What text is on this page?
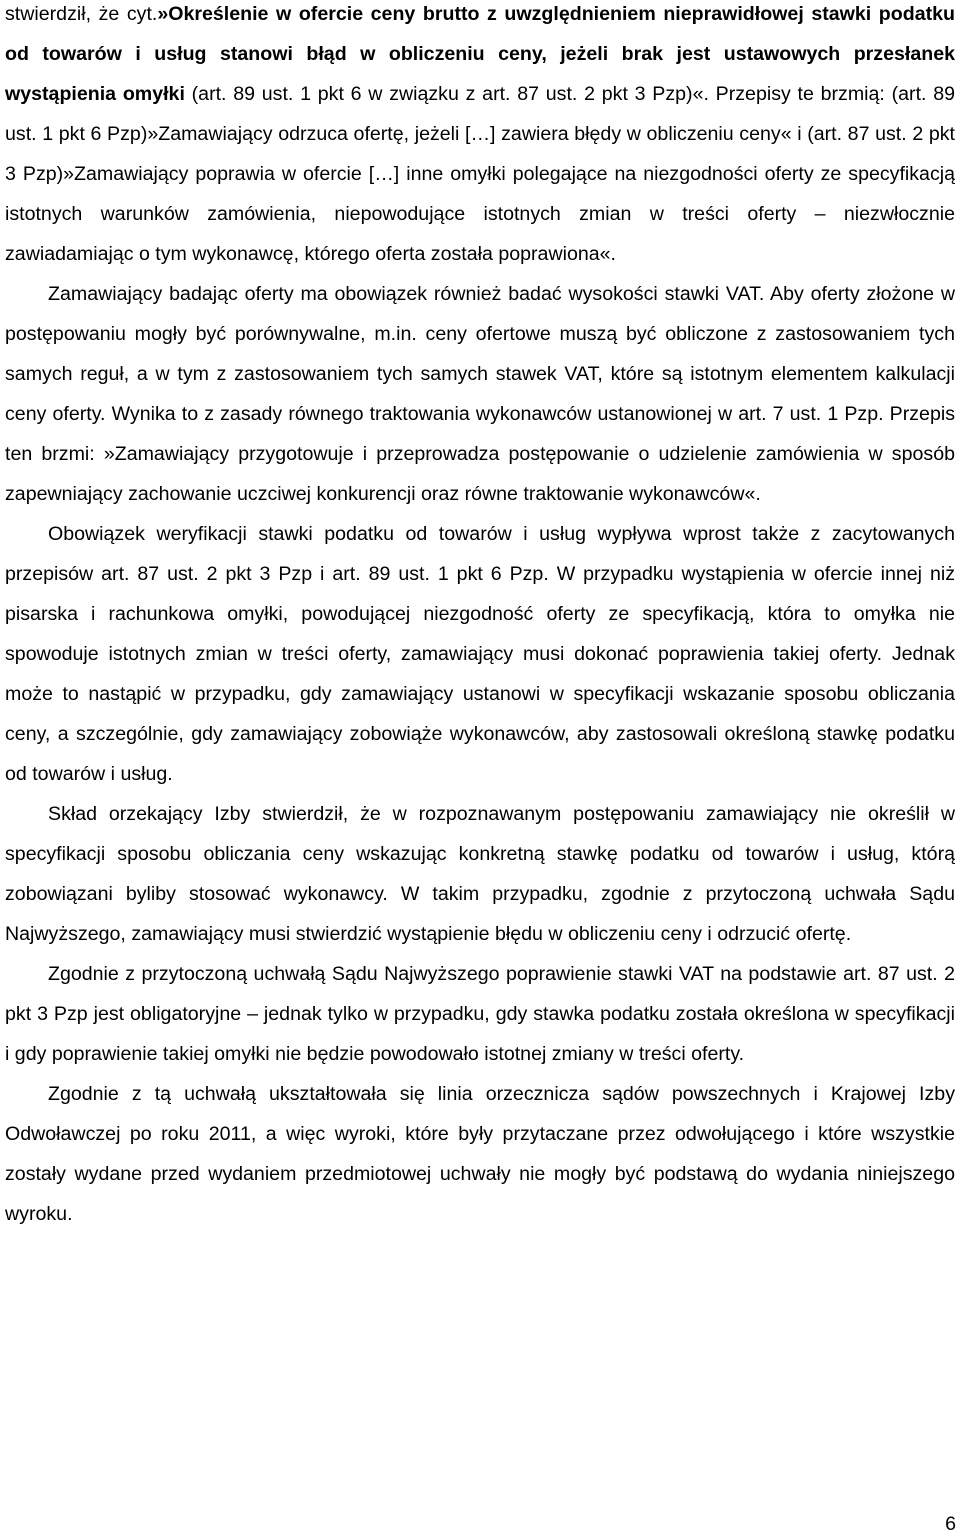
stwierdził, że cyt.»Określenie w ofercie ceny brutto z uwzględnieniem nieprawidłowej stawki podatku od towarów i usług stanowi błąd w obliczeniu ceny, jeżeli brak jest ustawowych przesłanek wystąpienia omyłki (art. 89 ust. 1 pkt 6 w związku z art. 87 ust. 2 pkt 3 Pzp)«. Przepisy te brzmią: (art. 89 ust. 1 pkt 6 Pzp)»Zamawiający odrzuca ofertę, jeżeli […] zawiera błędy w obliczeniu ceny« i (art. 87 ust. 2 pkt 3 Pzp)»Zamawiający poprawia w ofercie […] inne omyłki polegające na niezgodności oferty ze specyfikacją istotnych warunków zamówienia, niepowodujące istotnych zmian w treści oferty – niezwłocznie zawiadamiając o tym wykonawcę, którego oferta została poprawiona«.

Zamawiający badając oferty ma obowiązek również badać wysokości stawki VAT. Aby oferty złożone w postępowaniu mogły być porównywalne, m.in. ceny ofertowe muszą być obliczone z zastosowaniem tych samych reguł, a w tym z zastosowaniem tych samych stawek VAT, które są istotnym elementem kalkulacji ceny oferty. Wynika to z zasady równego traktowania wykonawców ustanowionej w art. 7 ust. 1 Pzp. Przepis ten brzmi: »Zamawiający przygotowuje i przeprowadza postępowanie o udzielenie zamówienia w sposób zapewniający zachowanie uczciwej konkurencji oraz równe traktowanie wykonawców«.

Obowiązek weryfikacji stawki podatku od towarów i usług wypływa wprost także z zacytowanych przepisów art. 87 ust. 2 pkt 3 Pzp i art. 89 ust. 1 pkt 6 Pzp. W przypadku wystąpienia w ofercie innej niż pisarska i rachunkowa omyłki, powodującej niezgodność oferty ze specyfikacją, która to omyłka nie spowoduje istotnych zmian w treści oferty, zamawiający musi dokonać poprawienia takiej oferty. Jednak może to nastąpić w przypadku, gdy zamawiający ustanowi w specyfikacji wskazanie sposobu obliczania ceny, a szczególnie, gdy zamawiający zobowiąże wykonawców, aby zastosowali określoną stawkę podatku od towarów i usług.

Skład orzekający Izby stwierdził, że w rozpoznawanym postępowaniu zamawiający nie określił w specyfikacji sposobu obliczania ceny wskazując konkretną stawkę podatku od towarów i usług, którą zobowiązani byliby stosować wykonawcy. W takim przypadku, zgodnie z przytoczoną uchwała Sądu Najwyższego, zamawiający musi stwierdzić wystąpienie błędu w obliczeniu ceny i odrzucić ofertę.

Zgodnie z przytoczoną uchwałą Sądu Najwyższego poprawienie stawki VAT na podstawie art. 87 ust. 2 pkt 3 Pzp jest obligatoryjne – jednak tylko w przypadku, gdy stawka podatku została określona w specyfikacji i gdy poprawienie takiej omyłki nie będzie powodowało istotnej zmiany w treści oferty.

Zgodnie z tą uchwałą ukształtowała się linia orzecznicza sądów powszechnych i Krajowej Izby Odwoławczej po roku 2011, a więc wyroki, które były przytaczane przez odwołującego i które wszystkie zostały wydane przed wydaniem przedmiotowej uchwały nie mogły być podstawą do wydania niniejszego wyroku.

6
